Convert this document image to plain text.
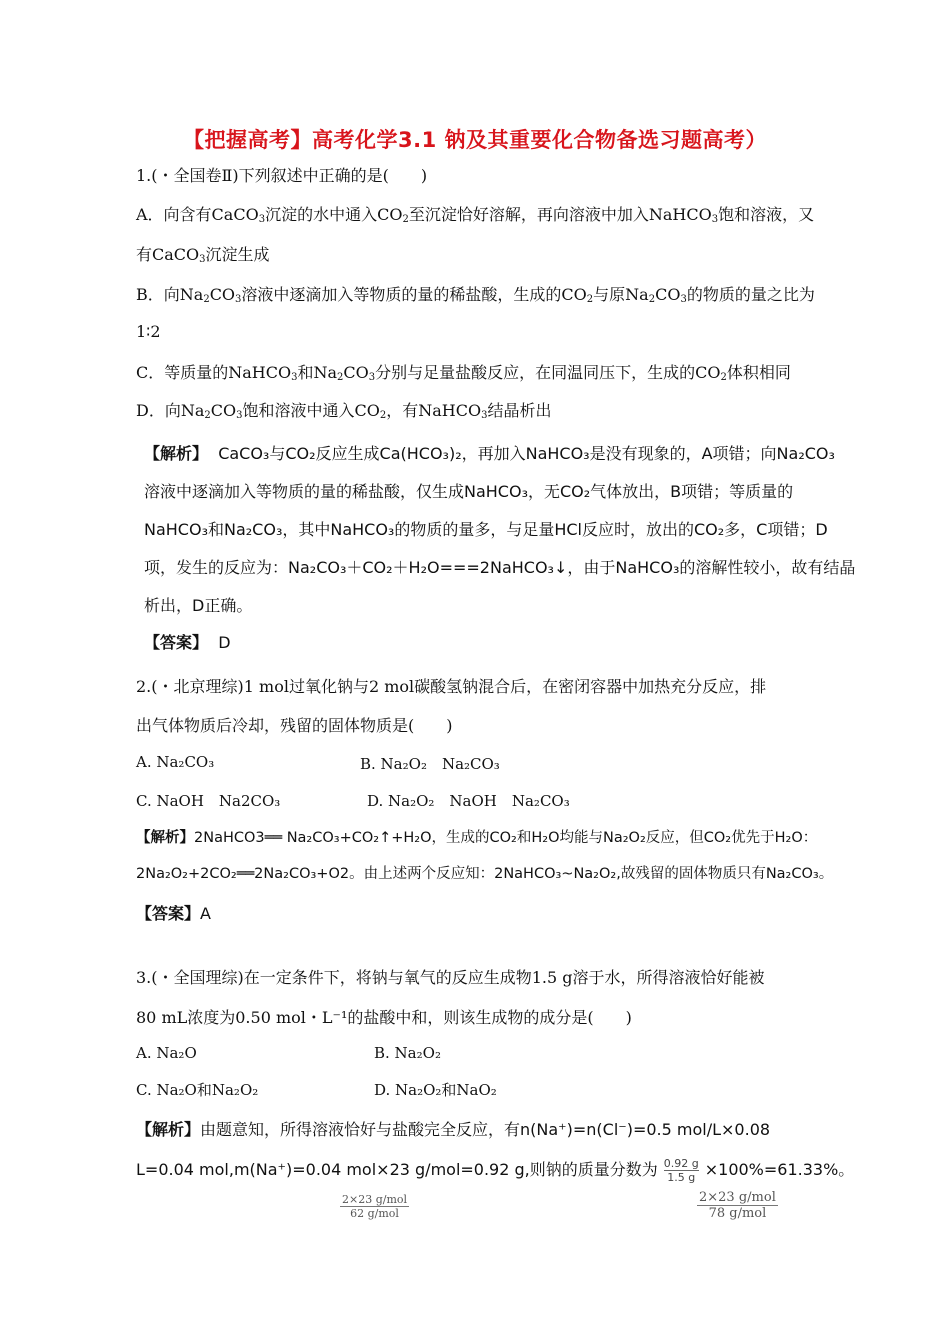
【把握高考】高考化学3.1 钠及其重要化合物备选习题高考）
1.(・全国卷Ⅱ)下列叙述中正确的是(　　)
A．向含有CaCO$_3$沉淀的水中通入$CO_2$至沉淀恰好溶解，再向溶液中加入NaHCO$_3$饱和溶液，又
有CaCO$_3$沉淀生成
B．向$Na_2CO_3$溶液中逐滴加入等物质的量的稀盐酸，生成的$CO_2$与原$Na_2CO_3$的物质的量之比为
1∶2
C．等质量的NaHCO$_3$和$Na_2CO_3$分别与足量盐酸反应，在同温同压下，生成的$CO_2$体积相同
D．向$Na_2CO_3$饱和溶液中通入$CO_2$，有NaHCO$_3$结晶析出
【解析】 CaCO₃与CO₂反应生成Ca(HCO₃)₂，再加入NaHCO₃是没有现象的，A项错；向Na₂CO₃
溶液中逐滴加入等物质的量的稀盐酸，仅生成NaHCO₃，无CO₂气体放出，B项错；等质量的
NaHCO₃和Na₂CO₃，其中NaHCO₃的物质的量多，与足量HCl反应时，放出的CO₂多，C项错；D
项，发生的反应为：Na₂CO₃＋CO₂＋H₂O===2NaHCO₃↓，由于NaHCO₃的溶解性较小，故有结晶
析出，D正确。
【答案】 D
2.(・北京理综)1 mol过氧化钠与2 mol碳酸氢钠混合后，在密闭容器中加热充分反应，排
出气体物质后冷却，残留的固体物质是(　　)
A. Na₂CO₃	B. Na₂O₂　Na₂CO₃
C. NaOH　Na2CO₃	D. Na₂O₂　NaOH　Na₂CO₃
【解析】2NaHCO3══ Na₂CO₃+CO₂↑+H₂O，生成的CO₂和H₂O均能与Na₂O₂反应，但CO₂优先于H₂O：
2Na₂O₂+2CO₂══2Na₂CO₃+O2。由上述两个反应知：2NaHCO₃~Na₂O₂,故残留的固体物质只有Na₂CO₃。
【答案】A
3.(・全国理综)在一定条件下，将钠与氧气的反应生成物1.5 g溶于水，所得溶液恰好能被
80 mL浓度为0.50 mol・L⁻¹的盐酸中和，则该生成物的成分是(　　)
A. Na₂O	B. Na₂O₂
C. Na₂O和Na₂O₂	D. Na₂O₂和NaO₂
【解析】由题意知，所得溶液恰好与盐酸完全反应，有n(Na⁺)=n(Cl⁻)=0.5 mol/L×0.08
L=0.04 mol,m(Na⁺)=0.04 mol×23 g/mol=0.92 g,则钠的质量分数为 $\frac{0.92 g}{1.5 g} \times 100\%=61.33\%$。
2×23 g/mol
62 g/mol
2×23 g/mol
78 g/mol
